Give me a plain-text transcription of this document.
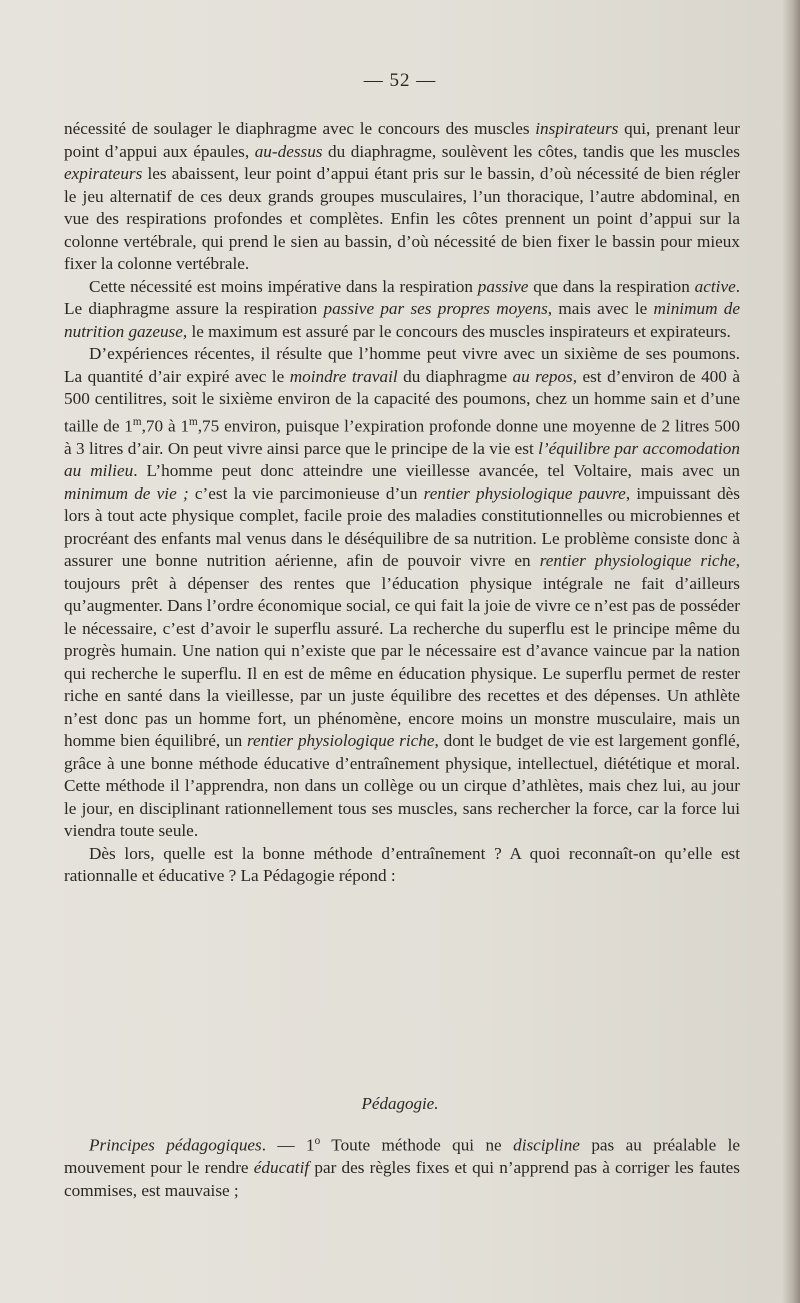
— 52 —

nécessité de soulager le diaphragme avec le concours des muscles inspirateurs qui, prenant leur point d’appui aux épaules, au-dessus du diaphragme, soulèvent les côtes, tandis que les muscles expirateurs les abaissent, leur point d’appui étant pris sur le bassin, d’où nécessité de bien régler le jeu alternatif de ces deux grands groupes musculaires, l’un thoracique, l’autre abdominal, en vue des respirations profondes et complètes. Enfin les côtes prennent un point d’appui sur la colonne vertébrale, qui prend le sien au bassin, d’où nécessité de bien fixer le bassin pour mieux fixer la colonne vertébrale.

Cette nécessité est moins impérative dans la respiration passive que dans la respiration active. Le diaphragme assure la respiration passive par ses propres moyens, mais avec le minimum de nutrition gazeuse, le maximum est assuré par le concours des muscles inspirateurs et expirateurs.

D’expériences récentes, il résulte que l’homme peut vivre avec un sixième de ses poumons. La quantité d’air expiré avec le moindre travail du diaphragme au repos, est d’environ de 400 à 500 centilitres, soit le sixième environ de la capacité des poumons, chez un homme sain et d’une taille de 1$^m$,70 à 1$^m$,75 environ, puisque l’expiration profonde donne une moyenne de 2 litres 500 à 3 litres d’air. On peut vivre ainsi parce que le principe de la vie est l’équilibre par accomodation au milieu. L’homme peut donc atteindre une vieillesse avancée, tel Voltaire, mais avec un minimum de vie ; c’est la vie parcimonieuse d’un rentier physiologique pauvre, impuissant dès lors à tout acte physique complet, facile proie des maladies constitutionnelles ou microbiennes et procréant des enfants mal venus dans le déséquilibre de sa nutrition. Le problème consiste donc à assurer une bonne nutrition aérienne, afin de pouvoir vivre en rentier physiologique riche, toujours prêt à dépenser des rentes que l’éducation physique intégrale ne fait d’ailleurs qu’augmenter. Dans l’ordre économique social, ce qui fait la joie de vivre ce n’est pas de posséder le nécessaire, c’est d’avoir le superflu assuré. La recherche du superflu est le principe même du progrès humain. Une nation qui n’existe que par le nécessaire est d’avance vaincue par la nation qui recherche le superflu. Il en est de même en éducation physique. Le superflu permet de rester riche en santé dans la vieillesse, par un juste équilibre des recettes et des dépenses. Un athlète n’est donc pas un homme fort, un phénomène, encore moins un monstre musculaire, mais un homme bien équilibré, un rentier physiologique riche, dont le budget de vie est largement gonflé, grâce à une bonne méthode éducative d’entraînement physique, intellectuel, diététique et moral. Cette méthode il l’apprendra, non dans un collège ou un cirque d’athlètes, mais chez lui, au jour le jour, en disciplinant rationnellement tous ses muscles, sans rechercher la force, car la force lui viendra toute seule.

Dès lors, quelle est la bonne méthode d’entraînement ? A quoi reconnaît-on qu’elle est rationnalle et éducative ? La Pédagogie répond :

Pédagogie.

Principes pédagogiques. — 1$^o$ Toute méthode qui ne discipline pas au préalable le mouvement pour le rendre éducatif par des règles fixes et qui n’apprend pas à corriger les fautes commises, est mauvaise ;
